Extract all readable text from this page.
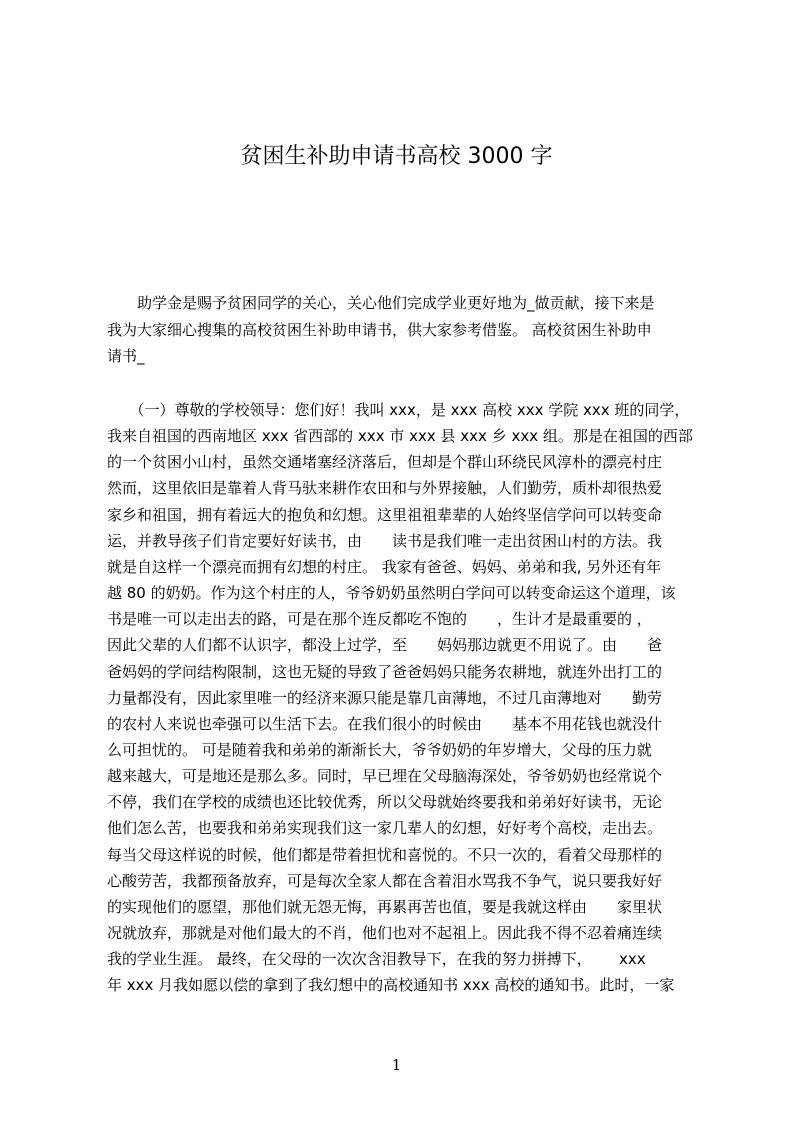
贫困生补助申请书高校 3000 字
　　助学金是赐予贫困同学的关心，关心他们完成学业更好地为_做贡献，接下来是
我为大家细心搜集的高校贫困生补助申请书，供大家参考借鉴。 高校贫困生补助申
请书_
　　（一）尊敬的学校领导：您们好！我叫 xxx，是 xxx 高校 xxx 学院 xxx 班的同学，
我来自祖国的西南地区 xxx 省西部的 xxx 市 xxx 县 xxx 乡 xxx 组。那是在祖国的西部
的一个贫困小山村，虽然交通堵塞经济落后，但却是个群山环绕民风淳朴的漂亮村庄
然而，这里依旧是靠着人背马驮来耕作农田和与外界接触，人们勤劳，质朴却很热爱
家乡和祖国，拥有着远大的抱负和幻想。这里祖祖辈辈的人始终坚信学问可以转变命
运，并教导孩子们肯定要好好读书，由　　读书是我们唯一走出贫困山村的方法。我
就是自这样一个漂亮而拥有幻想的村庄。 我家有爸爸、妈妈、弟弟和我, 另外还有年
越 80 的奶奶。作为这个村庄的人，爷爷奶奶虽然明白学问可以转变命运这个道理，该
书是唯一可以走出去的路，可是在那个连反都吃不饱的　　，生计才是最重要的 ，
因此父辈的人们都不认识字，都没上过学，至　　妈妈那边就更不用说了。由　　爸
爸妈妈的学问结构限制，这也无疑的导致了爸爸妈妈只能务农耕地，就连外出打工的
力量都没有，因此家里唯一的经济来源只能是靠几亩薄地，不过几亩薄地对　　勤劳
的农村人来说也牵强可以生活下去。在我们很小的时候由　　基本不用花钱也就没什
么可担忧的。 可是随着我和弟弟的渐渐长大，爷爷奶奶的年岁增大，父母的压力就
越来越大，可是地还是那么多。同时，早已埋在父母脑海深处，爷爷奶奶也经常说个
不停，我们在学校的成绩也还比较优秀，所以父母就始终要我和弟弟好好读书，无论
他们怎么苦，也要我和弟弟实现我们这一家几辈人的幻想，好好考个高校，走出去。
每当父母这样说的时候，他们都是带着担忧和喜悦的。不只一次的，看着父母那样的
心酸劳苦，我都预备放弃，可是每次全家人都在含着泪水骂我不争气，说只要我好好
的实现他们的愿望，那他们就无怨无悔，再累再苦也值，要是我就这样由　　家里状
况就放弃，那就是对他们最大的不肖，他们也对不起祖上。因此我不得不忍着痛连续
我的学业生涯。 最终，在父母的一次次含泪教导下，在我的努力拼搏下，　　 xxx
年 xxx 月我如愿以偿的拿到了我幻想中的高校通知书 xxx 高校的通知书。此时，一家
1
